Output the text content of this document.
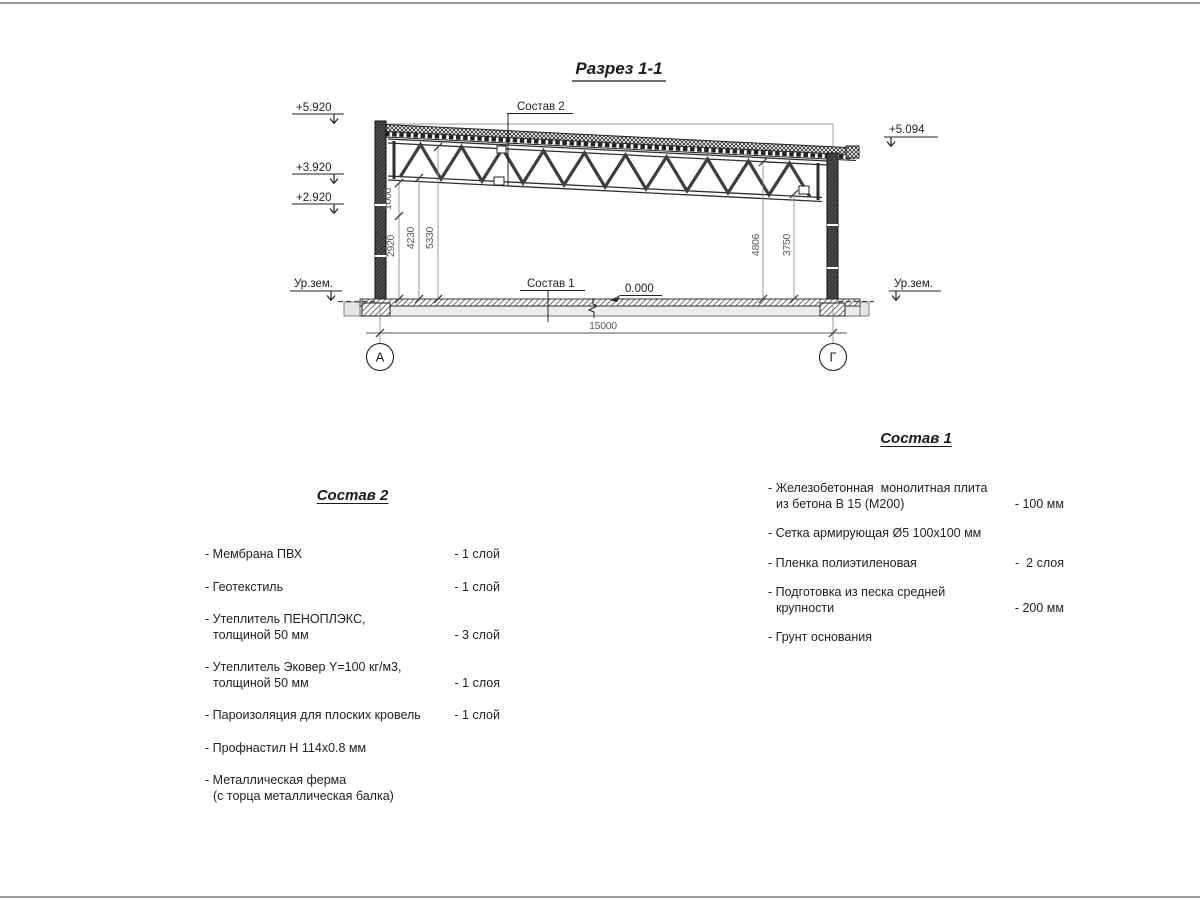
Разрез 1-1
2920
1000
4230 5330	4806 3750
+5.920
+3.920
+2.920
Ур.зем.
+5.094
Ур.зем.
Состав 2
Состав 1	0.000
15000
А	Г
Состав 2
- Мембрана ПВХ	- 1 слой
- Геотекстиль	- 1 слой
- Утеплитель ПЕНОПЛЭКС,
толщиной 50 мм	- 3 слой
- Утеплитель Эковер Y=100 кг/м3,
толщиной 50 мм	- 1 слоя
- Пароизоляция для плоских кровель	- 1 слой
- Профнастил Н 114х0.8 мм
- Металлическая ферма
(с торца металлическая балка)
Состав 1
- Железобетонная  монолитная плита
из бетона В 15 (М200)	- 100 мм
- Сетка армирующая Ø5 100х100 мм
- Пленка полиэтиленовая	-  2 слоя
- Подготовка из песка средней
крупности	- 200 мм
- Грунт основания
